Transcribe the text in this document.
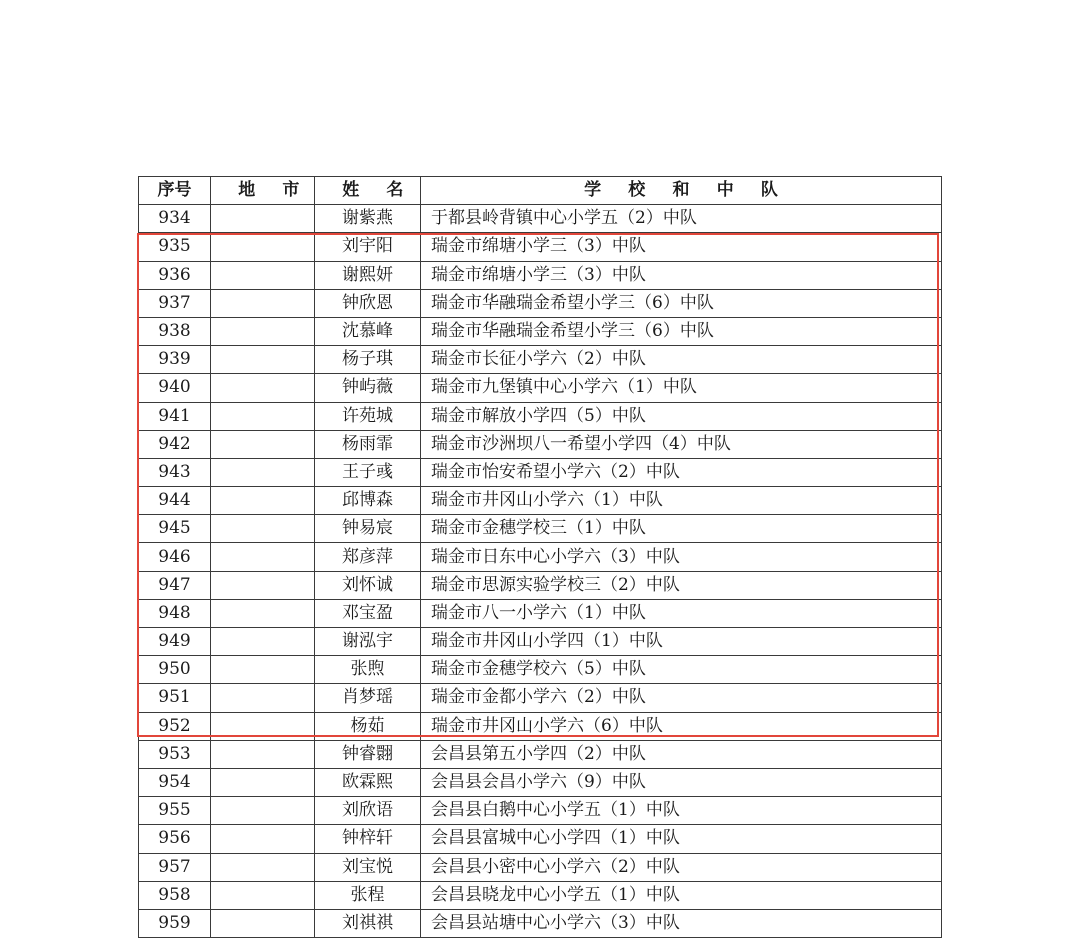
序号	地市	姓名	学校和中队
934		谢紫燕	于都县岭背镇中心小学五（2）中队
935		刘宇阳	瑞金市绵塘小学三（3）中队
936		谢熙妍	瑞金市绵塘小学三（3）中队
937		钟欣恩	瑞金市华融瑞金希望小学三（6）中队
938		沈慕峰	瑞金市华融瑞金希望小学三（6）中队
939		杨子琪	瑞金市长征小学六（2）中队
940		钟屿薇	瑞金市九堡镇中心小学六（1）中队
941		许苑城	瑞金市解放小学四（5）中队
942		杨雨霏	瑞金市沙洲坝八一希望小学四（4）中队
943		王子彧	瑞金市怡安希望小学六（2）中队
944		邱博森	瑞金市井冈山小学六（1）中队
945		钟易宸	瑞金市金穗学校三（1）中队
946		郑彦萍	瑞金市日东中心小学六（3）中队
947		刘怀诚	瑞金市思源实验学校三（2）中队
948		邓宝盈	瑞金市八一小学六（1）中队
949		谢泓宇	瑞金市井冈山小学四（1）中队
950		张煦	瑞金市金穗学校六（5）中队
951		肖梦瑶	瑞金市金都小学六（2）中队
952		杨茹	瑞金市井冈山小学六（6）中队
953		钟睿翾	会昌县第五小学四（2）中队
954		欧霖熙	会昌县会昌小学六（9）中队
955		刘欣语	会昌县白鹅中心小学五（1）中队
956		钟梓轩	会昌县富城中心小学四（1）中队
957		刘宝悦	会昌县小密中心小学六（2）中队
958		张程	会昌县晓龙中心小学五（1）中队
959		刘祺祺	会昌县站塘中心小学六（3）中队
